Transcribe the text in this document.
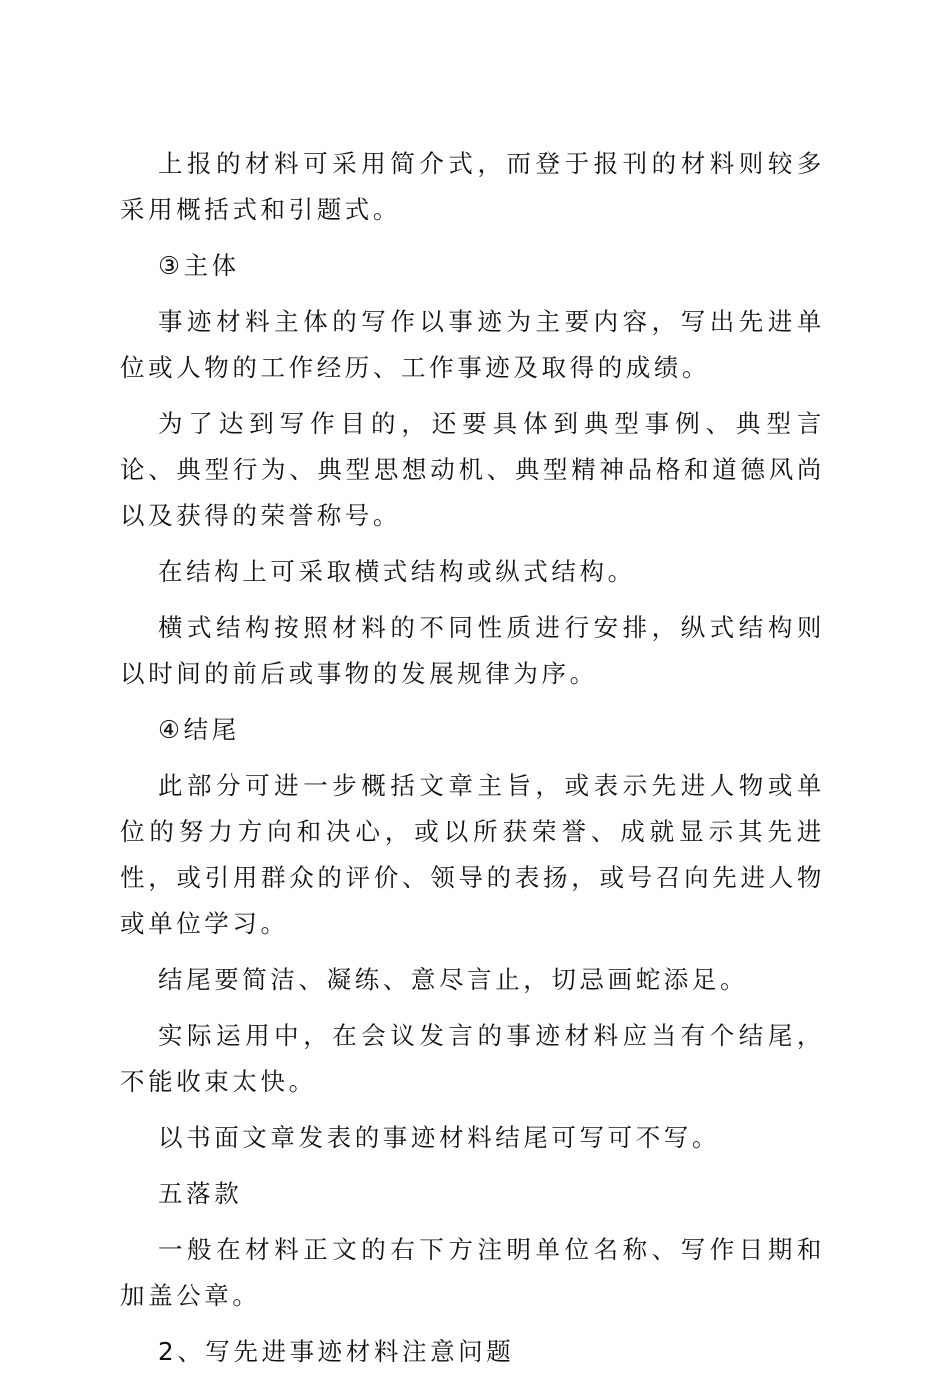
上报的材料可采用简介式，而登于报刊的材料则较多采用概括式和引题式。

③主体

事迹材料主体的写作以事迹为主要内容，写出先进单位或人物的工作经历、工作事迹及取得的成绩。

为了达到写作目的，还要具体到典型事例、典型言论、典型行为、典型思想动机、典型精神品格和道德风尚以及获得的荣誉称号。

在结构上可采取横式结构或纵式结构。

横式结构按照材料的不同性质进行安排，纵式结构则以时间的前后或事物的发展规律为序。

④结尾

此部分可进一步概括文章主旨，或表示先进人物或单位的努力方向和决心，或以所获荣誉、成就显示其先进性，或引用群众的评价、领导的表扬，或号召向先进人物或单位学习。

结尾要简洁、凝练、意尽言止，切忌画蛇添足。

实际运用中，在会议发言的事迹材料应当有个结尾，不能收束太快。

以书面文章发表的事迹材料结尾可写可不写。

五落款

一般在材料正文的右下方注明单位名称、写作日期和加盖公章。

2、写先进事迹材料注意问题
